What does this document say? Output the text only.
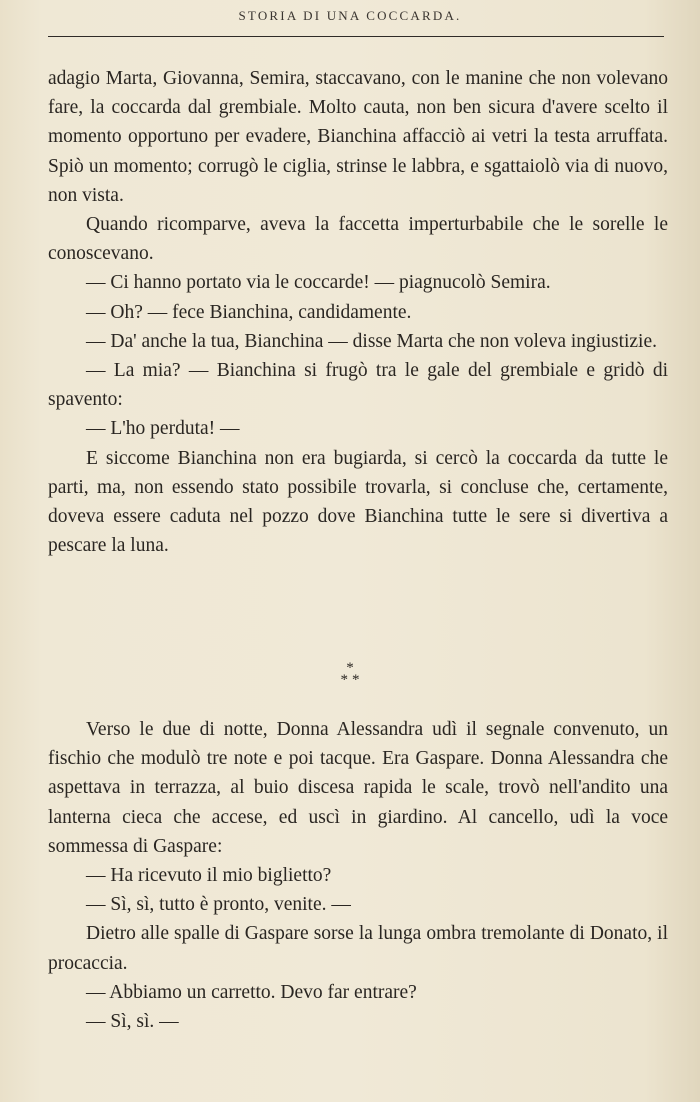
STORIA DI UNA COCCARDA.

adagio Marta, Giovanna, Semira, staccavano, con le manine che non volevano fare, la coccarda dal grembiale. Molto cauta, non ben sicura d'avere scelto il momento opportuno per evadere, Bianchina affacciò ai vetri la testa arruffata. Spiò un momento; corrugò le ciglia, strinse le labbra, e sgattaiolò via di nuovo, non vista.

Quando ricomparve, aveva la faccetta imperturbabile che le sorelle le conoscevano.

— Ci hanno portato via le coccarde! — piagnucolò Semira.

— Oh? — fece Bianchina, candidamente.

— Da' anche la tua, Bianchina — disse Marta che non voleva ingiustizie.

— La mia? — Bianchina si frugò tra le gale del grembiale e gridò di spavento:

— L'ho perduta! —

E siccome Bianchina non era bugiarda, si cercò la coccarda da tutte le parti, ma, non essendo stato possibile trovarla, si concluse che, certamente, doveva essere caduta nel pozzo dove Bianchina tutte le sere si divertiva a pescare la luna.

*
**

Verso le due di notte, Donna Alessandra udì il segnale convenuto, un fischio che modulò tre note e poi tacque. Era Gaspare. Donna Alessandra che aspettava in terrazza, al buio discesa rapida le scale, trovò nell'andito una lanterna cieca che accese, ed uscì in giardino. Al cancello, udì la voce sommessa di Gaspare:

— Ha ricevuto il mio biglietto?

— Sì, sì, tutto è pronto, venite. —

Dietro alle spalle di Gaspare sorse la lunga ombra tremolante di Donato, il procaccia.

— Abbiamo un carretto. Devo far entrare?

— Sì, sì. —
